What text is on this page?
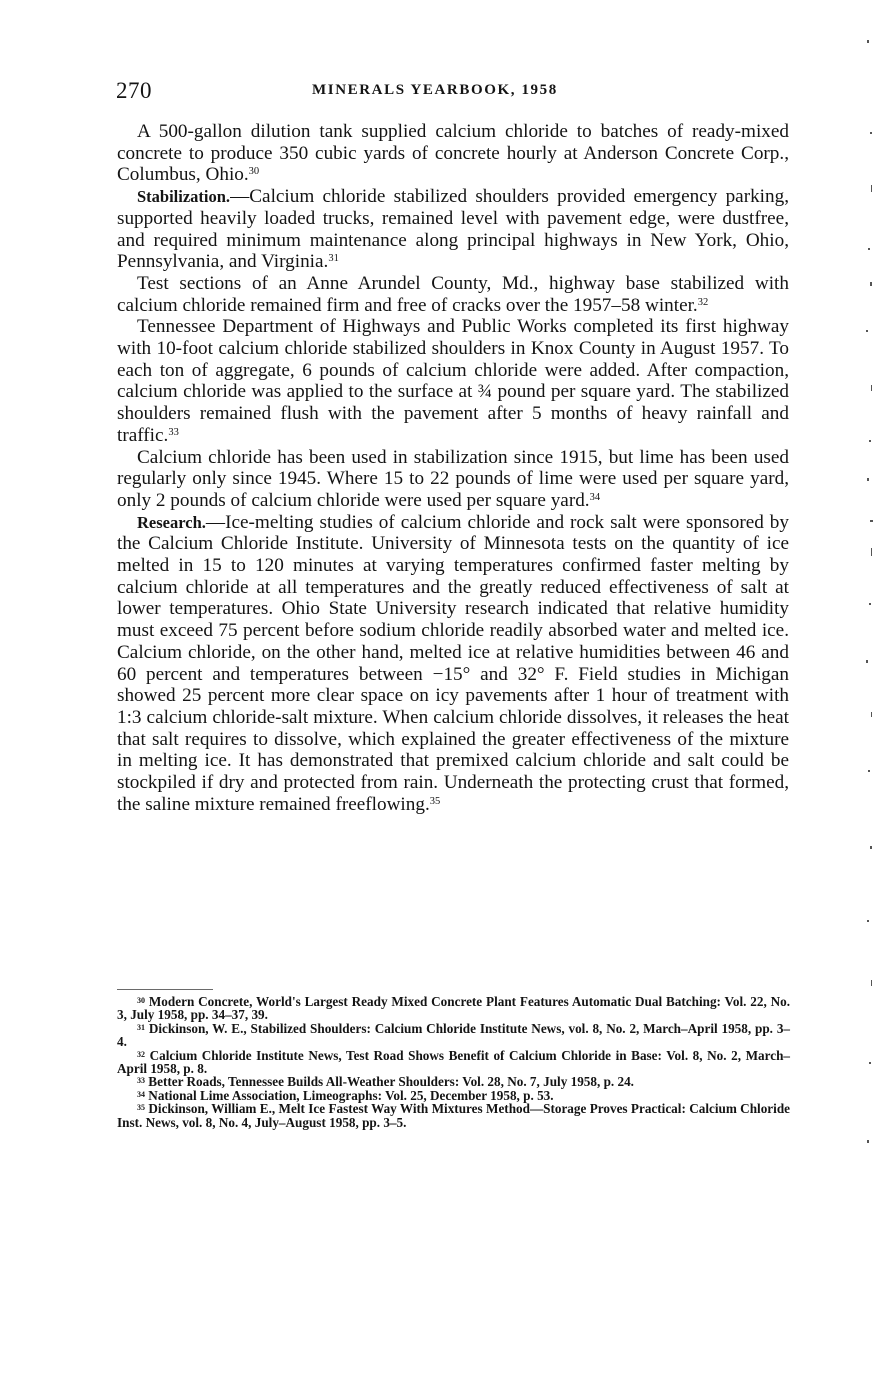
270	MINERALS YEARBOOK, 1958

A 500-gallon dilution tank supplied calcium chloride to batches of ready-mixed concrete to produce 350 cubic yards of concrete hourly at Anderson Concrete Corp., Columbus, Ohio.$^{30}$

Stabilization.—Calcium chloride stabilized shoulders provided emergency parking, supported heavily loaded trucks, remained level with pavement edge, were dustfree, and required minimum maintenance along principal highways in New York, Ohio, Pennsylvania, and Virginia.$^{31}$

Test sections of an Anne Arundel County, Md., highway base stabilized with calcium chloride remained firm and free of cracks over the 1957–58 winter.$^{32}$

Tennessee Department of Highways and Public Works completed its first highway with 10-foot calcium chloride stabilized shoulders in Knox County in August 1957. To each ton of aggregate, 6 pounds of calcium chloride were added. After compaction, calcium chloride was applied to the surface at ¾ pound per square yard. The stabilized shoulders remained flush with the pavement after 5 months of heavy rainfall and traffic.$^{33}$

Calcium chloride has been used in stabilization since 1915, but lime has been used regularly only since 1945. Where 15 to 22 pounds of lime were used per square yard, only 2 pounds of calcium chloride were used per square yard.$^{34}$

Research.—Ice-melting studies of calcium chloride and rock salt were sponsored by the Calcium Chloride Institute. University of Minnesota tests on the quantity of ice melted in 15 to 120 minutes at varying temperatures confirmed faster melting by calcium chloride at all temperatures and the greatly reduced effectiveness of salt at lower temperatures. Ohio State University research indicated that relative humidity must exceed 75 percent before sodium chloride readily absorbed water and melted ice. Calcium chloride, on the other hand, melted ice at relative humidities between 46 and 60 percent and temperatures between −15° and 32° F. Field studies in Michigan showed 25 percent more clear space on icy pavements after 1 hour of treatment with 1:3 calcium chloride-salt mixture. When calcium chloride dissolves, it releases the heat that salt requires to dissolve, which explained the greater effectiveness of the mixture in melting ice. It has demonstrated that premixed calcium chloride and salt could be stockpiled if dry and protected from rain. Underneath the protecting crust that formed, the saline mixture remained freeflowing.$^{35}$

$^{30}$ Modern Concrete, World's Largest Ready Mixed Concrete Plant Features Automatic Dual Batching: Vol. 22, No. 3, July 1958, pp. 34–37, 39.

$^{31}$ Dickinson, W. E., Stabilized Shoulders: Calcium Chloride Institute News, vol. 8, No. 2, March–April 1958, pp. 3–4.

$^{32}$ Calcium Chloride Institute News, Test Road Shows Benefit of Calcium Chloride in Base: Vol. 8, No. 2, March–April 1958, p. 8.

$^{33}$ Better Roads, Tennessee Builds All-Weather Shoulders: Vol. 28, No. 7, July 1958, p. 24.

$^{34}$ National Lime Association, Limeographs: Vol. 25, December 1958, p. 53.

$^{35}$ Dickinson, William E., Melt Ice Fastest Way With Mixtures Method—Storage Proves Practical: Calcium Chloride Inst. News, vol. 8, No. 4, July–August 1958, pp. 3–5.
